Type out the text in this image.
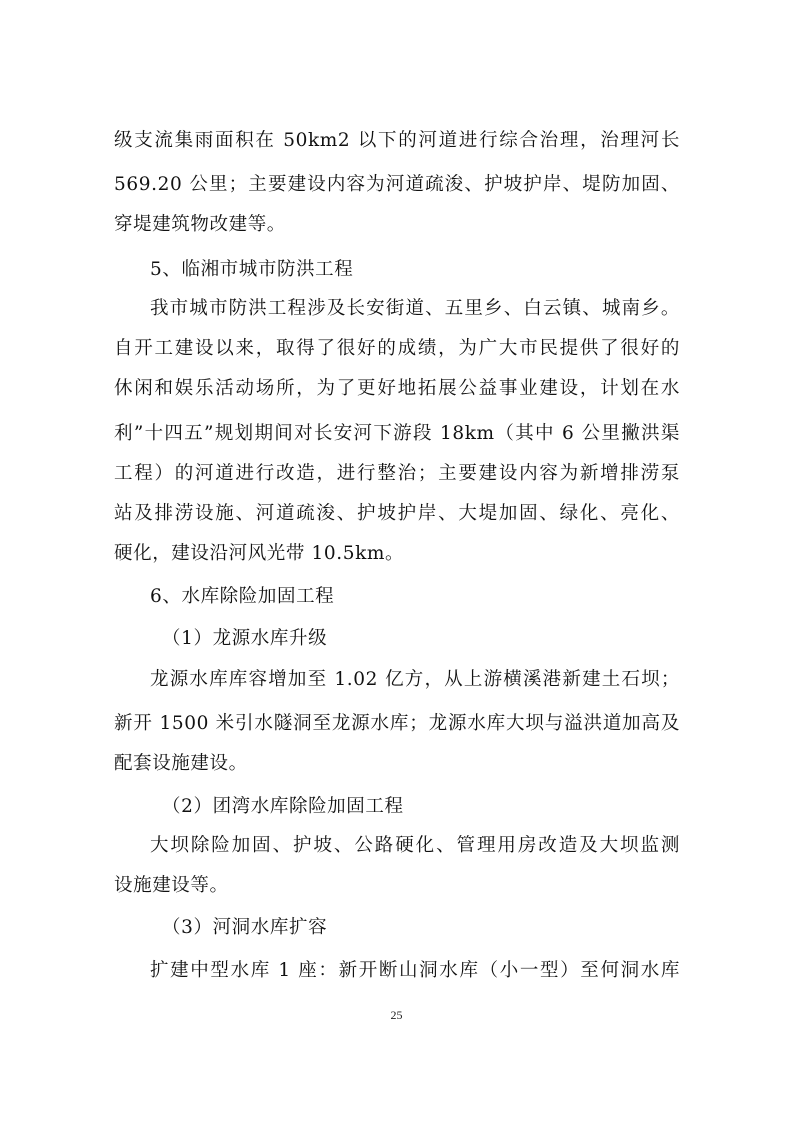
级支流集雨面积在 50km2 以下的河道进行综合治理，治理河长
569.20 公里；主要建设内容为河道疏浚、护坡护岸、堤防加固、
穿堤建筑物改建等。
5、临湘市城市防洪工程
我市城市防洪工程涉及长安街道、五里乡、白云镇、城南乡。
自开工建设以来，取得了很好的成绩，为广大市民提供了很好的
休闲和娱乐活动场所，为了更好地拓展公益事业建设，计划在水
利”十四五”规划期间对长安河下游段 18km（其中 6 公里撇洪渠
工程）的河道进行改造，进行整治；主要建设内容为新增排涝泵
站及排涝设施、河道疏浚、护坡护岸、大堤加固、绿化、亮化、
硬化，建设沿河风光带 10.5km。
6、水库除险加固工程
（1）龙源水库升级
龙源水库库容增加至 1.02 亿方，从上游横溪港新建土石坝；
新开 1500 米引水隧洞至龙源水库；龙源水库大坝与溢洪道加高及
配套设施建设。
（2）团湾水库除险加固工程
大坝除险加固、护坡、公路硬化、管理用房改造及大坝监测
设施建设等。
（3）河洞水库扩容
扩建中型水库 1 座：新开断山洞水库（小一型）至何洞水库
25
